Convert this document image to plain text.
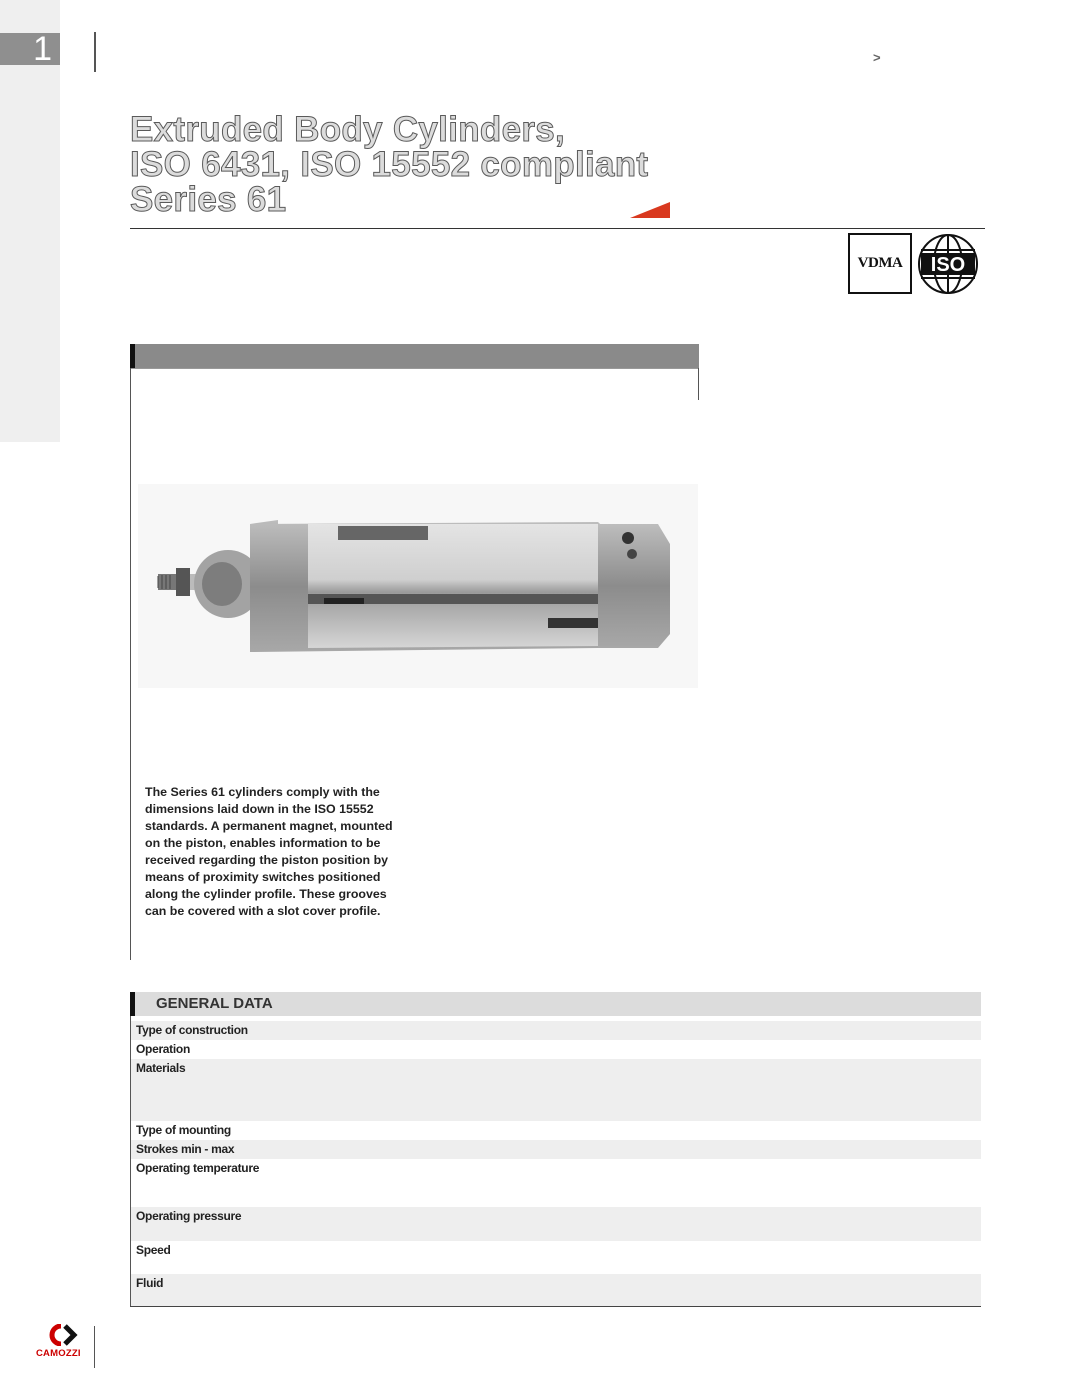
1	>
Extruded Body Cylinders,
ISO 6431, ISO 15552 compliant
Series 61
VDMA ISO

The Series 61 cylinders comply with the dimensions laid down in the ISO 15552 standards. A permanent magnet, mounted on the piston, enables information to be received regarding the piston position by means of proximity switches positioned along the cylinder profile. These grooves can be covered with a slot cover profile.

GENERAL DATA
Type of construction
Operation
Materials
Type of mounting
Strokes min - max
Operating temperature
Operating pressure
Speed
Fluid
CAMOZZI
